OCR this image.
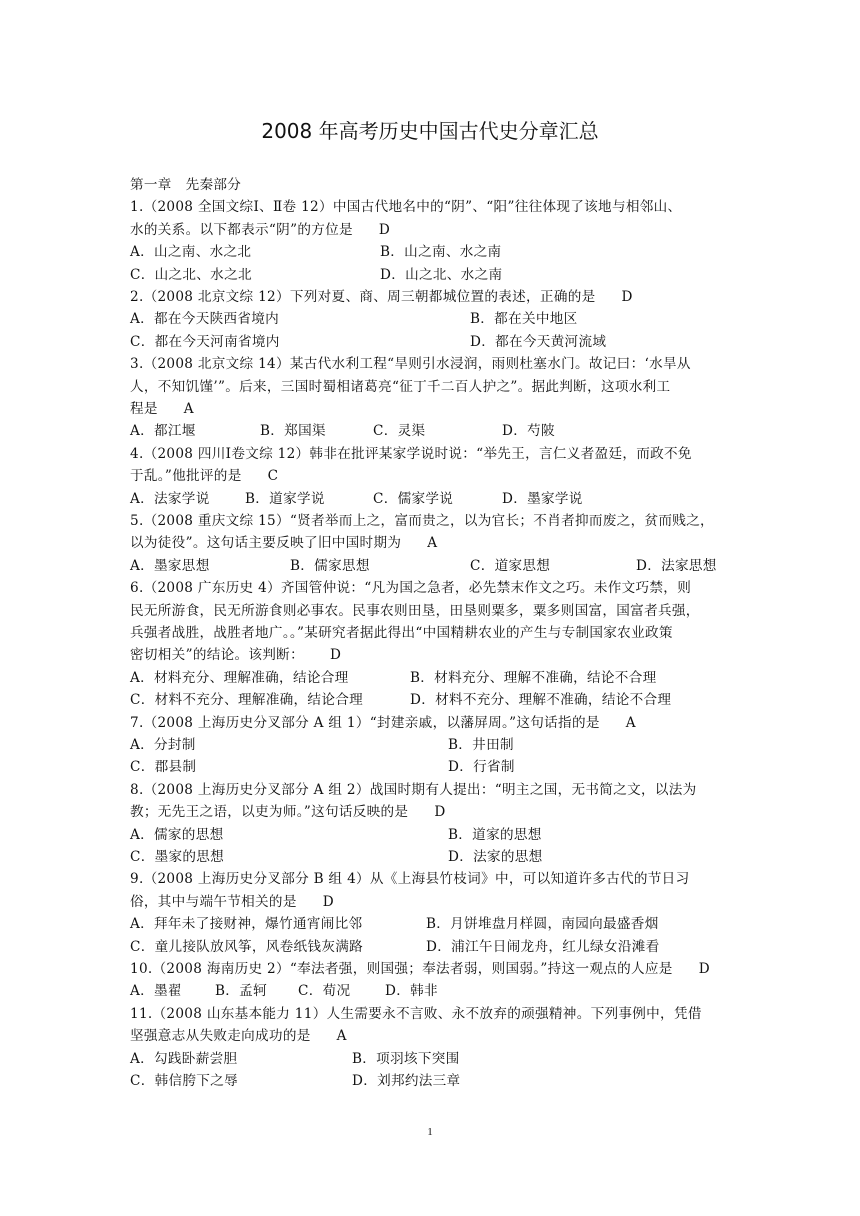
2008 年高考历史中国古代史分章汇总
第一章　先秦部分
1.（2008 全国文综Ⅰ、Ⅱ卷 12）中国古代地名中的“阴”、“阳”往往体现了该地与相邻山、
水的关系。以下都表示“阴”的方位是 D
A．山之南、水之北	B．山之南、水之南
C．山之北、水之北	D．山之北、水之南
2.（2008 北京文综 12）下列对夏、商、周三朝都城位置的表述，正确的是 D
A．都在今天陕西省境内	B．都在关中地区
C．都在今天河南省境内	D．都在今天黄河流域
3.（2008 北京文综 14）某古代水利工程“旱则引水浸润，雨则杜塞水门。故记曰：‘水旱从
人，不知饥馑’”。后来，三国时蜀相诸葛亮“征丁千二百人护之”。据此判断，这项水利工
程是 A
A．都江堰	B．郑国渠	C．灵渠	D．芍陂
4.（2008 四川Ⅰ卷文综 12）韩非在批评某家学说时说：“举先王，言仁义者盈廷，而政不免
于乱。”他批评的是 C
A．法家学说	B．道家学说	C．儒家学说	D．墨家学说
5.（2008 重庆文综 15）“贤者举而上之，富而贵之，以为官长；不肖者抑而废之，贫而贱之，
以为徒役”。这句话主要反映了旧中国时期为 A
A．墨家思想	B．儒家思想	C．道家思想	D．法家思想
6.（2008 广东历史 4）齐国管仲说：“凡为国之急者，必先禁末作文之巧。未作文巧禁，则
民无所游食，民无所游食则必事农。民事农则田垦，田垦则粟多，粟多则国富，国富者兵强，
兵强者战胜，战胜者地广。。”某研究者据此得出“中国精耕农业的产生与专制国家农业政策
密切相关”的结论。该判断： D
A．材料充分、理解准确，结论合理	B．材料充分、理解不准确，结论不合理
C．材料不充分、理解准确，结论合理	D．材料不充分、理解不准确，结论不合理
7.（2008 上海历史分叉部分 A 组 1）“封建亲戚，以藩屏周。”这句话指的是 A
A．分封制	B．井田制
C．郡县制	D．行省制
8.（2008 上海历史分叉部分 A 组 2）战国时期有人提出：“明主之国，无书简之文，以法为
教；无先王之语，以吏为师。”这句话反映的是 D
A．儒家的思想	B．道家的思想
C．墨家的思想	D．法家的思想
9.（2008 上海历史分叉部分 B 组 4）从《上海县竹枝词》中，可以知道许多古代的节日习
俗，其中与端午节相关的是 D
A．拜年未了接财神，爆竹通宵闹比邻	B．月饼堆盘月样圆，南园向最盛香烟
C．童儿接队放风筝，风卷纸钱灰满路	D．浦江午日闹龙舟，红儿绿女沿滩看
10.（2008 海南历史 2）“奉法者强，则国强；奉法者弱，则国弱。”持这一观点的人应是 D
A．墨翟 B．孟轲 C．荀况	D．韩非
11.（2008 山东基本能力 11）人生需要永不言败、永不放弃的顽强精神。下列事例中，凭借
坚强意志从失败走向成功的是 A
A．勾践卧薪尝胆	B．项羽垓下突围
C．韩信胯下之辱	D．刘邦约法三章
1
